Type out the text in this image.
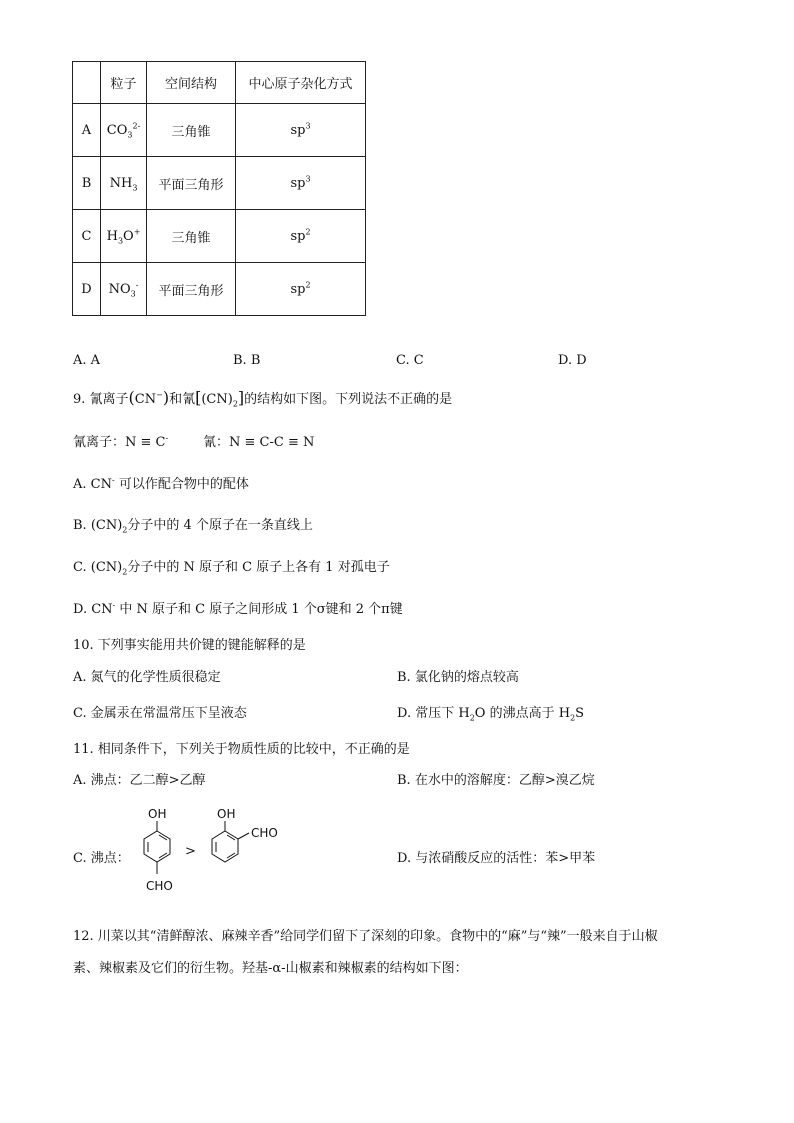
	粒子	空间结构	中心原子杂化方式
A	$CO_3^{2-}$	三角锥	$sp^3$
B	$NH_3$	平面三角形	$sp^3$
C	$H_3O^+$	三角锥	$sp^2$
D	$NO_3^-$	平面三角形	$sp^2$
A. A	B. B	C. C	D. D
9. 氰离子(CN−)和氰$[(CN)_2]$的结构如下图。下列说法不正确的是
氰离子：N ≡ C-	氰：N ≡ C-C ≡ N
A. CN- 可以作配合物中的配体
B. $(CN)_2$分子中的 4 个原子在一条直线上
C. $(CN)_2$分子中的 N 原子和 C 原子上各有 1 对孤电子
D. CN- 中 N 原子和 C 原子之间形成 1 个σ键和 2 个π键
10. 下列事实能用共价键的键能解释的是
A. 氮气的化学性质很稳定	B. 氯化钠的熔点较高
C. 金属汞在常温常压下呈液态	D. 常压下 $H_2O$ 的沸点高于 $H_2S$
11. 相同条件下，下列关于物质性质的比较中，不正确的是
A. 沸点：乙二醇>乙醇	B. 在水中的溶解度：乙醇>溴乙烷
C. 沸点：	D. 与浓硝酸反应的活性：苯>甲苯
OH
CHO
>
OH
CHO
12. 川菜以其“清鲜醇浓、麻辣辛香”给同学们留下了深刻的印象。食物中的“麻”与“辣”一般来自于山椒
素、辣椒素及它们的衍生物。羟基-α-山椒素和辣椒素的结构如下图：
